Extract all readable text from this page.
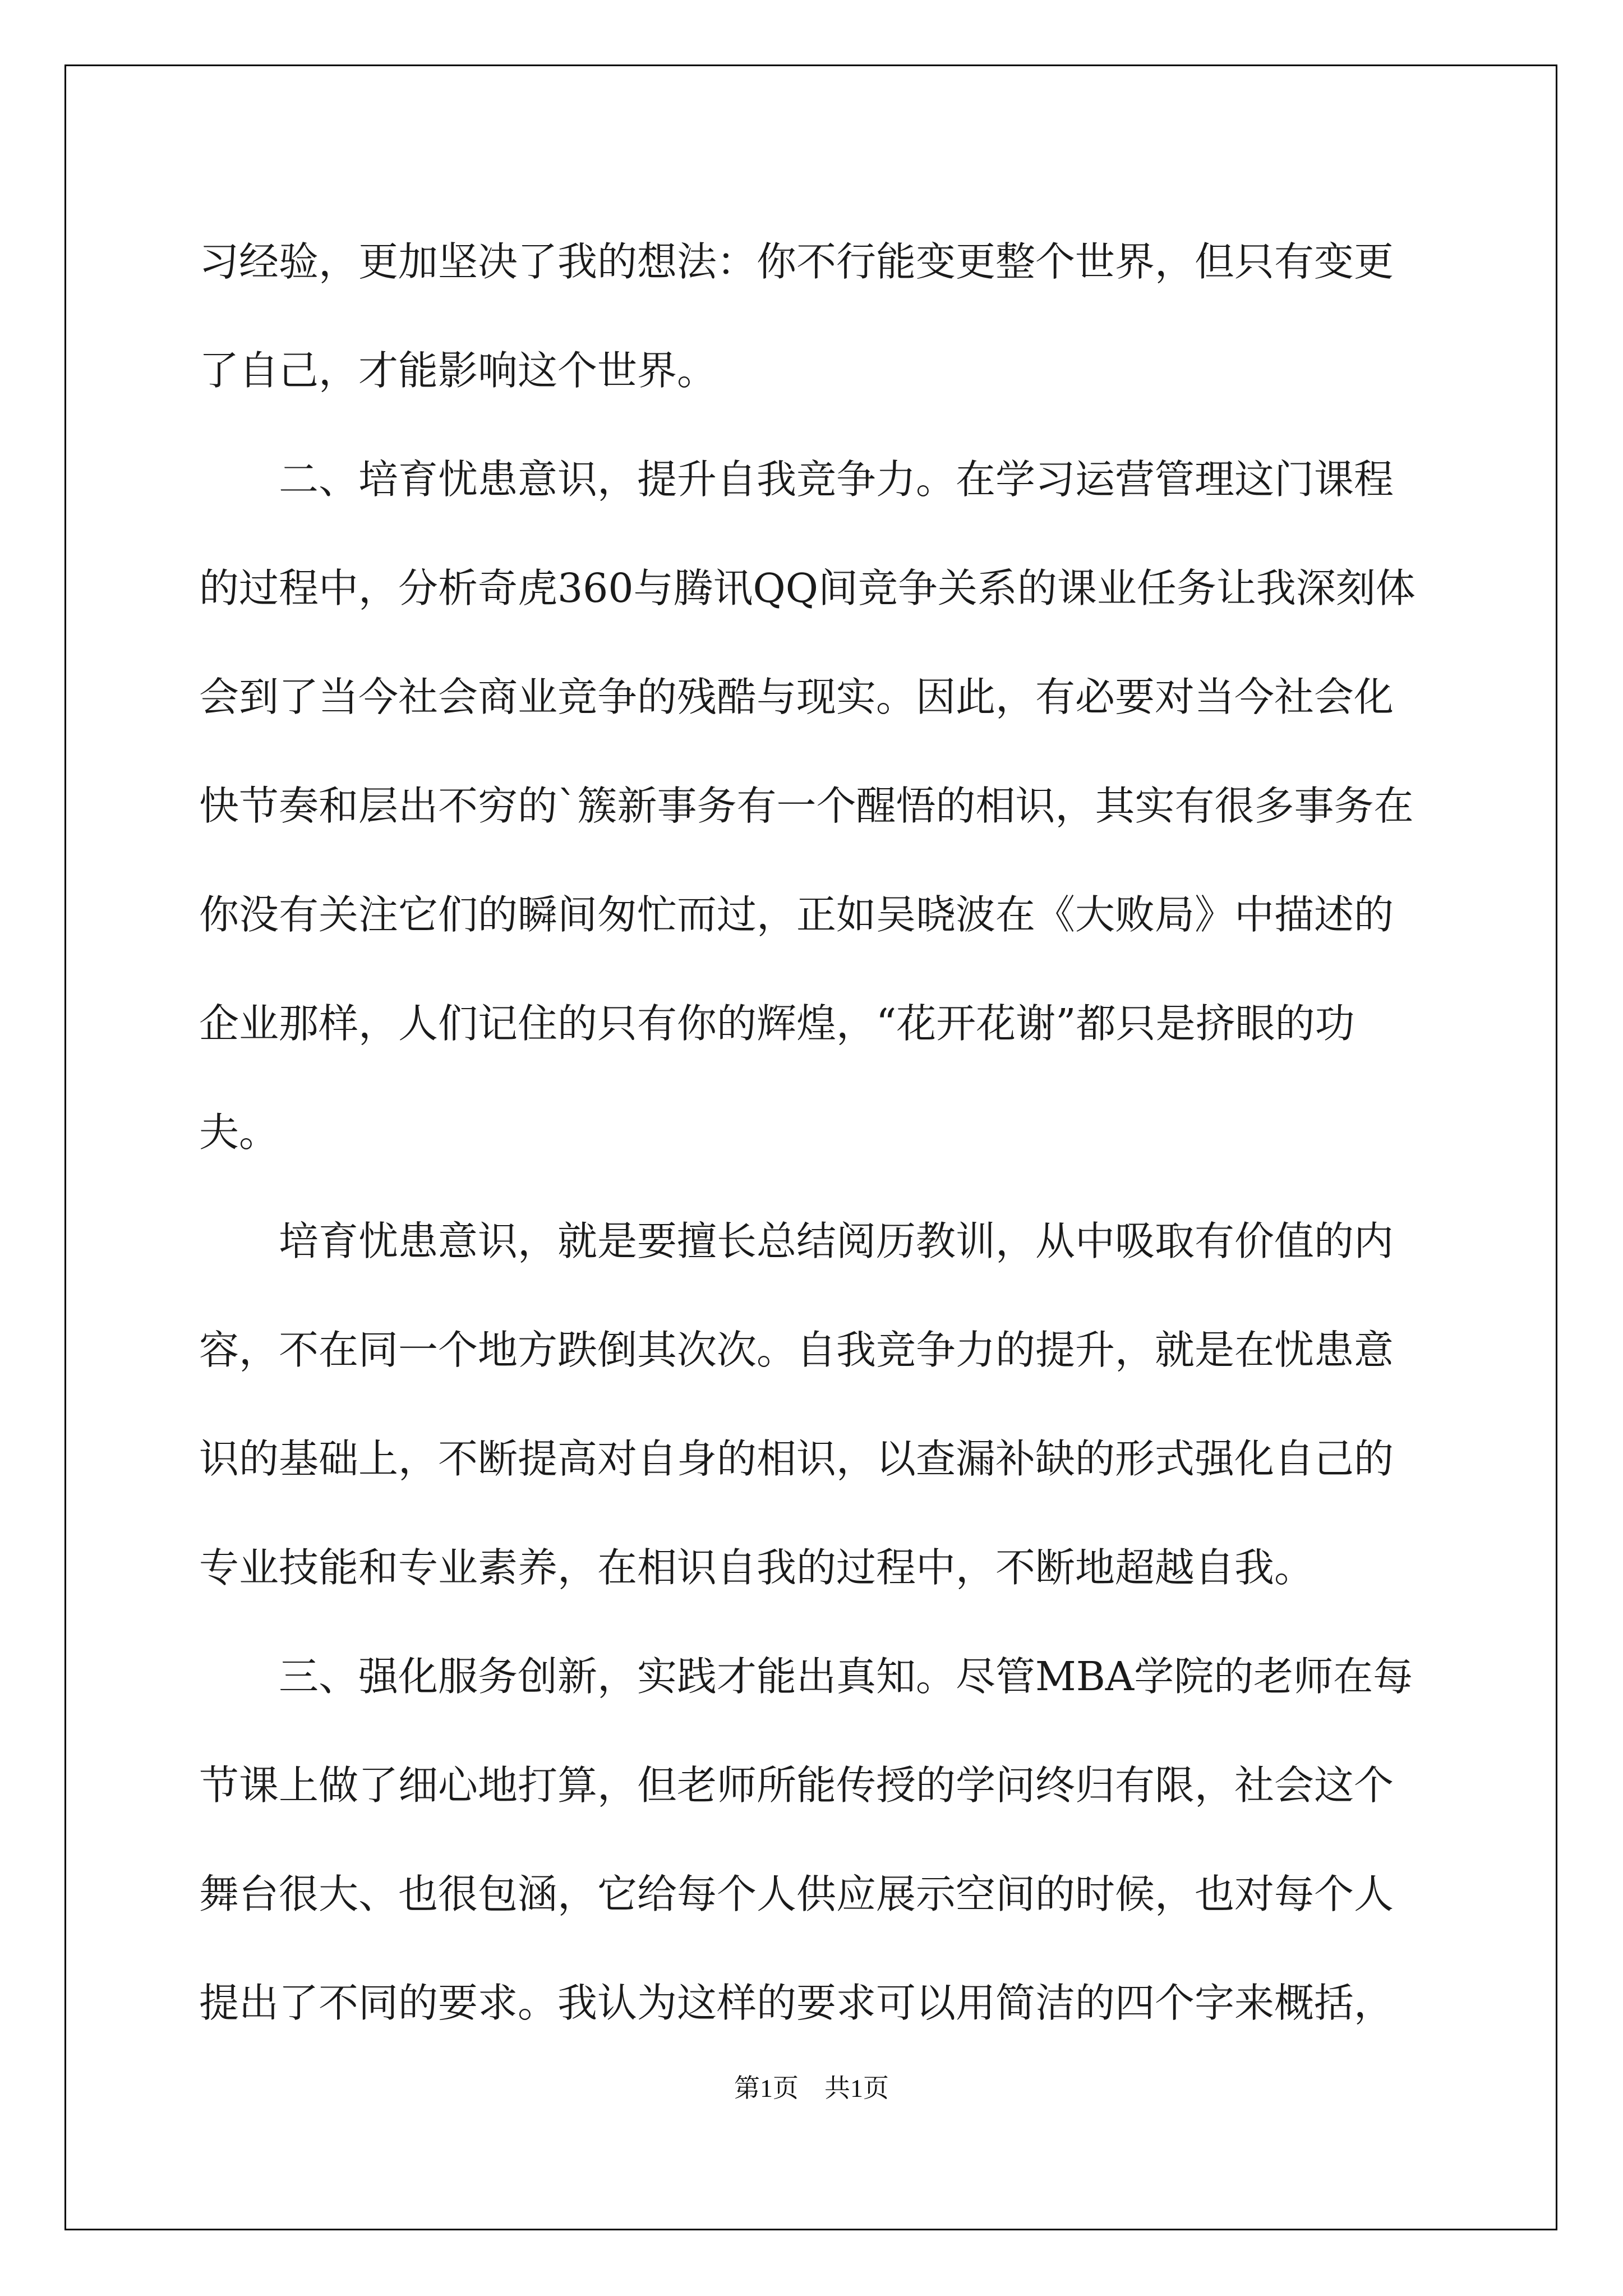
习经验，更加坚决了我的想法：你不行能变更整个世界，但只有变更

了自己，才能影响这个世界。

二、培育忧患意识，提升自我竞争力。在学习运营管理这门课程

的过程中，分析奇虎360与腾讯QQ间竞争关系的课业任务让我深刻体

会到了当今社会商业竞争的残酷与现实。因此，有必要对当今社会化

快节奏和层出不穷的`簇新事务有一个醒悟的相识，其实有很多事务在

你没有关注它们的瞬间匆忙而过，正如吴晓波在《大败局》中描述的

企业那样，人们记住的只有你的辉煌，“花开花谢”都只是挤眼的功

夫。

培育忧患意识，就是要擅长总结阅历教训，从中吸取有价值的内

容，不在同一个地方跌倒其次次。自我竞争力的提升，就是在忧患意

识的基础上，不断提高对自身的相识，以查漏补缺的形式强化自己的

专业技能和专业素养，在相识自我的过程中，不断地超越自我。

三、强化服务创新，实践才能出真知。尽管MBA学院的老师在每

节课上做了细心地打算，但老师所能传授的学问终归有限，社会这个

舞台很大、也很包涵，它给每个人供应展示空间的时候，也对每个人

提出了不同的要求。我认为这样的要求可以用简洁的四个字来概括，

第1页　共1页
